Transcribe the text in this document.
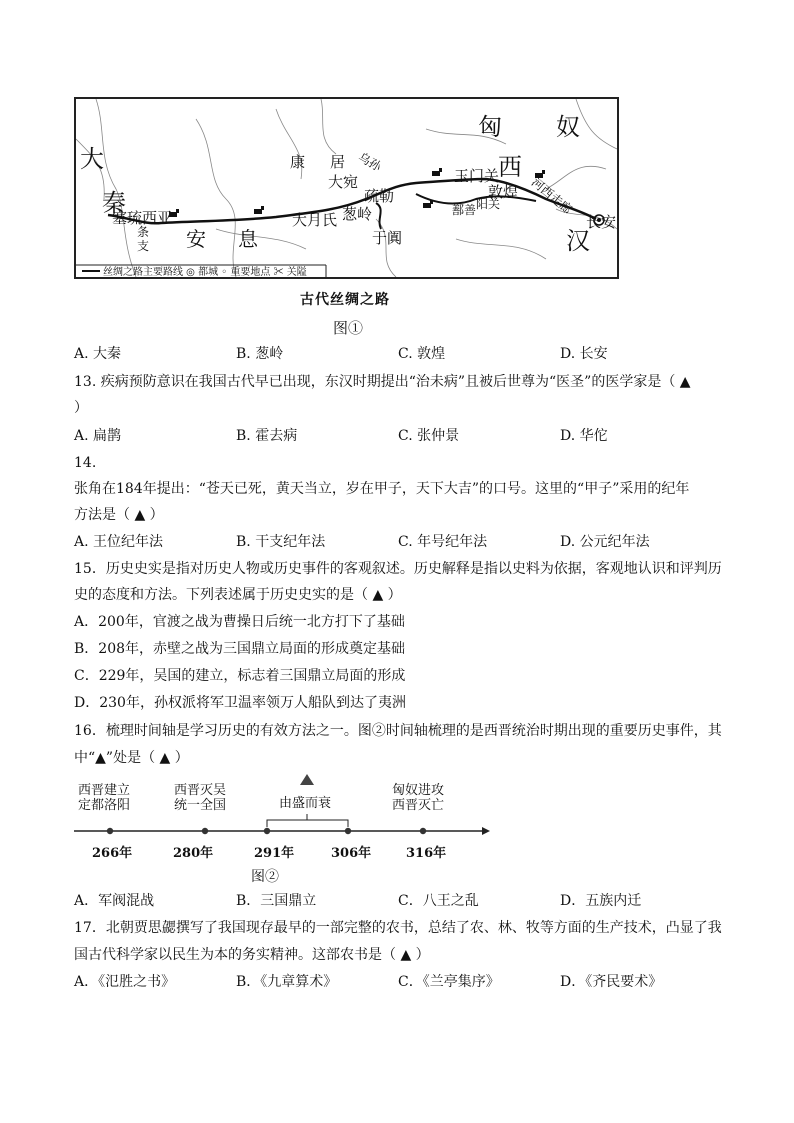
匈 奴
大
秦
康 居 乌孙
大宛
疏勒
玉门关
西
敦煌 河西走廊
塞琉西亚
条
支 安 息
大月氏 葱岭	鄯善 阳关
汉
长安
于阗
丝绸之路主要路线 ◎ 都城 ◦ 重要地点 ✂ 关隘
古代丝绸之路
图①
A. 大秦	B. 葱岭	C. 敦煌	D. 长安
13. 疾病预防意识在我国古代早已出现，东汉时期提出“治未病”且被后世尊为“医圣”的医学家是（ ▲
）
A. 扁鹊	B. 霍去病	C. 张仲景	D. 华佗
14.
张角在184年提出：“苍天已死，黄天当立，岁在甲子，天下大吉”的口号。这里的“甲子”采用的纪年
方法是（ ▲ ）
A. 王位纪年法	B. 干支纪年法	C. 年号纪年法	D. 公元纪年法
15．历史史实是指对历史人物或历史事件的客观叙述。历史解释是指以史料为依据，客观地认识和评判历
史的态度和方法。下列表述属于历史史实的是（ ▲ ）
A．200年，官渡之战为曹操日后统一北方打下了基础
B．208年，赤壁之战为三国鼎立局面的形成奠定基础
C．229年，吴国的建立，标志着三国鼎立局面的形成
D．230年，孙权派将军卫温率领万人船队到达了夷洲
16．梳理时间轴是学习历史的有效方法之一。图②时间轴梳理的是西晋统治时期出现的重要历史事件，其
中“▲”处是（ ▲ ）
西晋建立
定都洛阳
西晋灭吴
统一全国	由盛而衰
匈奴进攻
西晋灭亡
266年	280年	291年	306年	316年
图②
A．军阀混战	B．三国鼎立	C．八王之乱	D．五族内迁
17．北朝贾思勰撰写了我国现存最早的一部完整的农书，总结了农、林、牧等方面的生产技术，凸显了我
国古代科学家以民生为本的务实精神。这部农书是（ ▲ ）
A．《氾胜之书》	B．《九章算术》	C．《兰亭集序》	D．《齐民要术》
